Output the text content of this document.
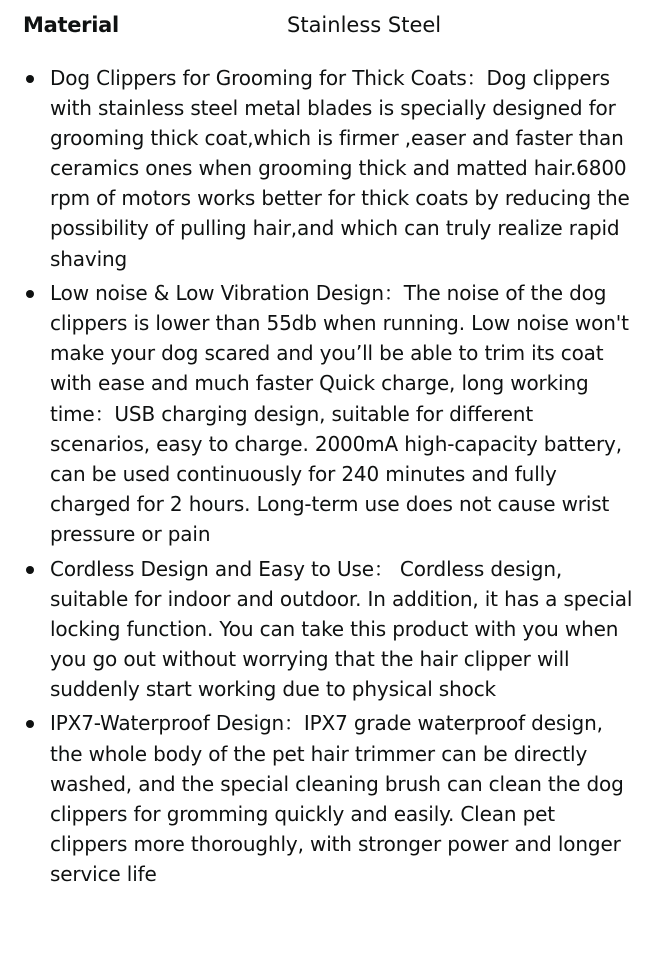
Material	Stainless Steel
Dog Clippers for Grooming for Thick Coats：Dog clippers with stainless steel metal blades is specially designed for grooming thick coat,which is firmer ,easer and faster than ceramics ones when grooming thick and matted hair.6800 rpm of motors works better for thick coats by reducing the possibility of pulling hair,and which can truly realize rapid shaving
Low noise & Low Vibration Design：The noise of the dog clippers is lower than 55db when running. Low noise won't make your dog scared and you’ll be able to trim its coat with ease and much faster Quick charge, long working time：USB charging design, suitable for different scenarios, easy to charge. 2000mA high-capacity battery, can be used continuously for 240 minutes and fully charged for 2 hours. Long-term use does not cause wrist pressure or pain
Cordless Design and Easy to Use： Cordless design, suitable for indoor and outdoor. In addition, it has a special locking function. You can take this product with you when you go out without worrying that the hair clipper will suddenly start working due to physical shock
IPX7-Waterproof Design：IPX7 grade waterproof design, the whole body of the pet hair trimmer can be directly washed, and the special cleaning brush can clean the dog clippers for gromming quickly and easily. Clean pet clippers more thoroughly, with stronger power and longer service life
